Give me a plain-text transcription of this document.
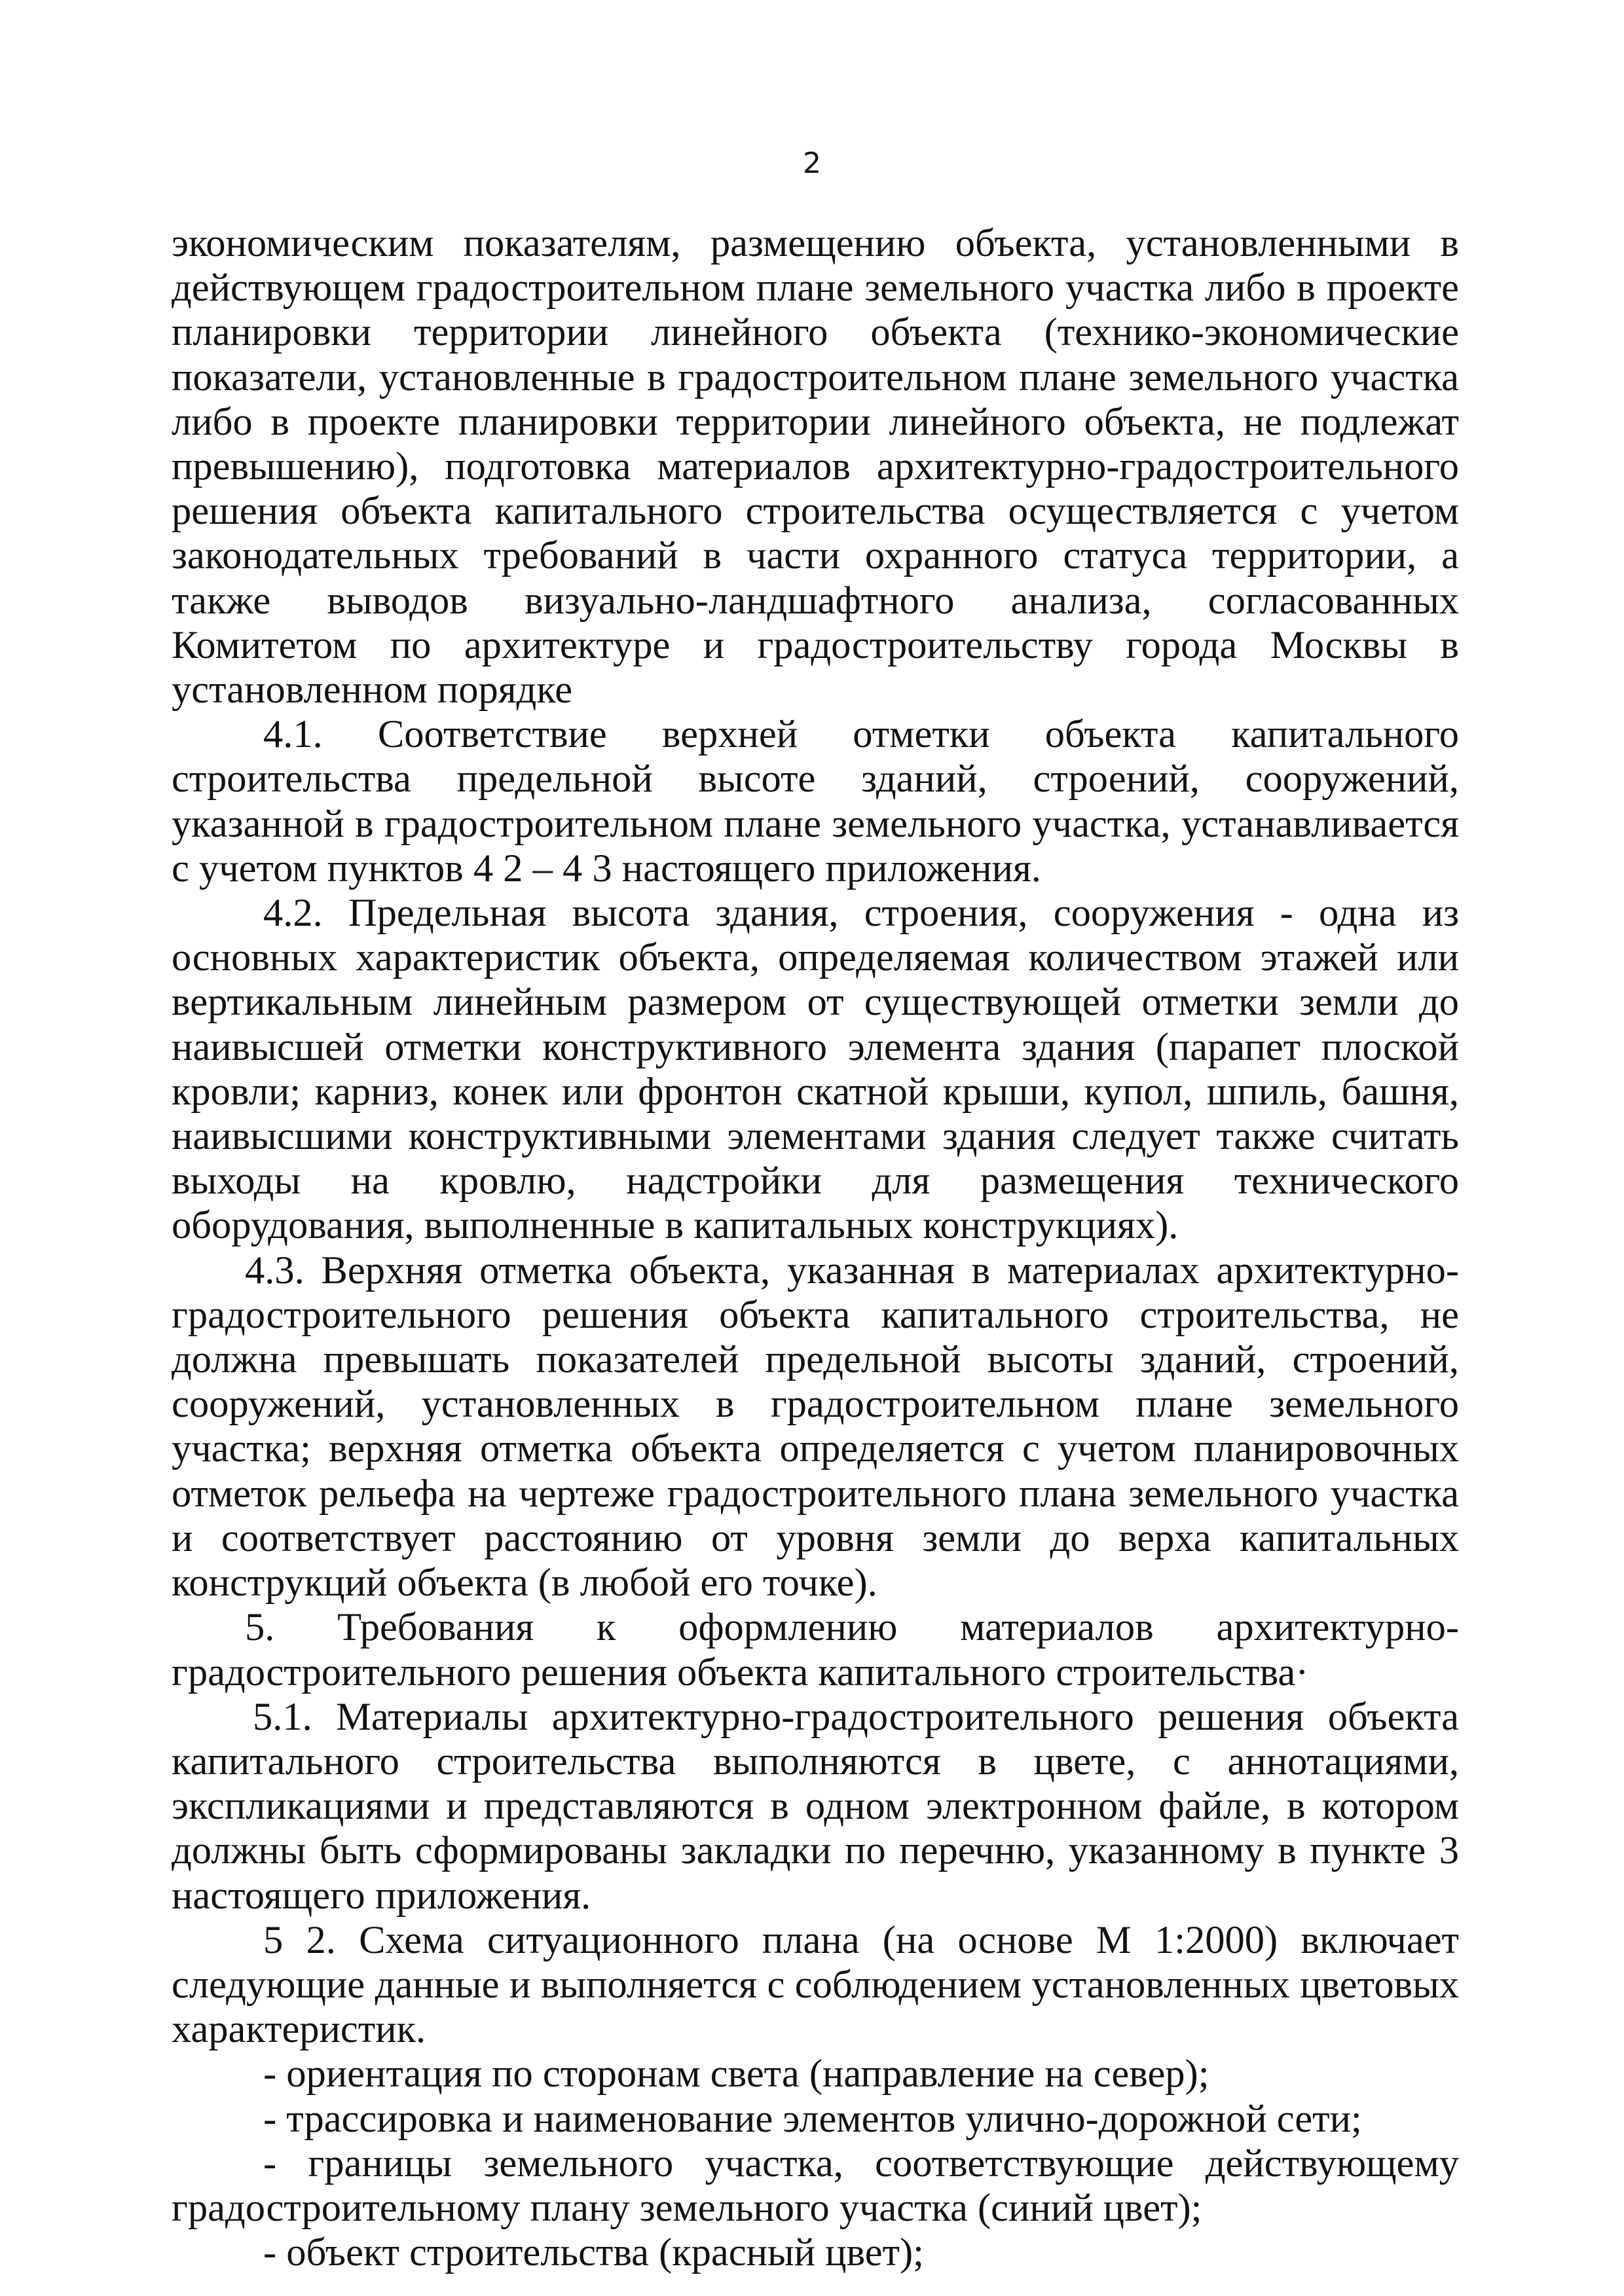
2

экономическим показателям, размещению объекта, установленными в действующем градостроительном плане земельного участка либо в проекте планировки территории линейного объекта (технико-экономические показатели, установленные в градостроительном плане земельного участка либо в проекте планировки территории линейного объекта, не подлежат превышению), подготовка материалов архитектурно-градостроительного решения объекта капитального строительства осуществляется с учетом законодательных требований в части охранного статуса территории, а также выводов визуально-ландшафтного анализа, согласованных Комитетом по архитектуре и градостроительству города Москвы в установленном порядке

4.1. Соответствие верхней отметки объекта капитального строительства предельной высоте зданий, строений, сооружений, указанной в градостроительном плане земельного участка, устанавливается с учетом пунктов 4 2 – 4 3 настоящего приложения.

4.2. Предельная высота здания, строения, сооружения - одна из основных характеристик объекта, определяемая количеством этажей или вертикальным линейным размером от существующей отметки земли до наивысшей отметки конструктивного элемента здания (парапет плоской кровли; карниз, конек или фронтон скатной крыши, купол, шпиль, башня, наивысшими конструктивными элементами здания следует также считать выходы на кровлю, надстройки для размещения технического оборудования, выполненные в капитальных конструкциях).

4.3. Верхняя отметка объекта, указанная в материалах архитектурно-градостроительного решения объекта капитального строительства, не должна превышать показателей предельной высоты зданий, строений, сооружений, установленных в градостроительном плане земельного участка; верхняя отметка объекта определяется с учетом планировочных отметок рельефа на чертеже градостроительного плана земельного участка и соответствует расстоянию от уровня земли до верха капитальных конструкций объекта (в любой его точке).

5. Требования к оформлению материалов архитектурно-градостроительного решения объекта капитального строительства·

5.1. Материалы архитектурно-градостроительного решения объекта капитального строительства выполняются в цвете, с аннотациями, экспликациями и представляются в одном электронном файле, в котором должны быть сформированы закладки по перечню, указанному в пункте 3 настоящего приложения.

5 2. Схема ситуационного плана (на основе М 1:2000) включает следующие данные и выполняется с соблюдением установленных цветовых характеристик.

- ориентация по сторонам света (направление на север);

- трассировка и наименование элементов улично-дорожной сети;

- границы земельного участка, соответствующие действующему градостроительному плану земельного участка (синий цвет);

- объект строительства (красный цвет);
